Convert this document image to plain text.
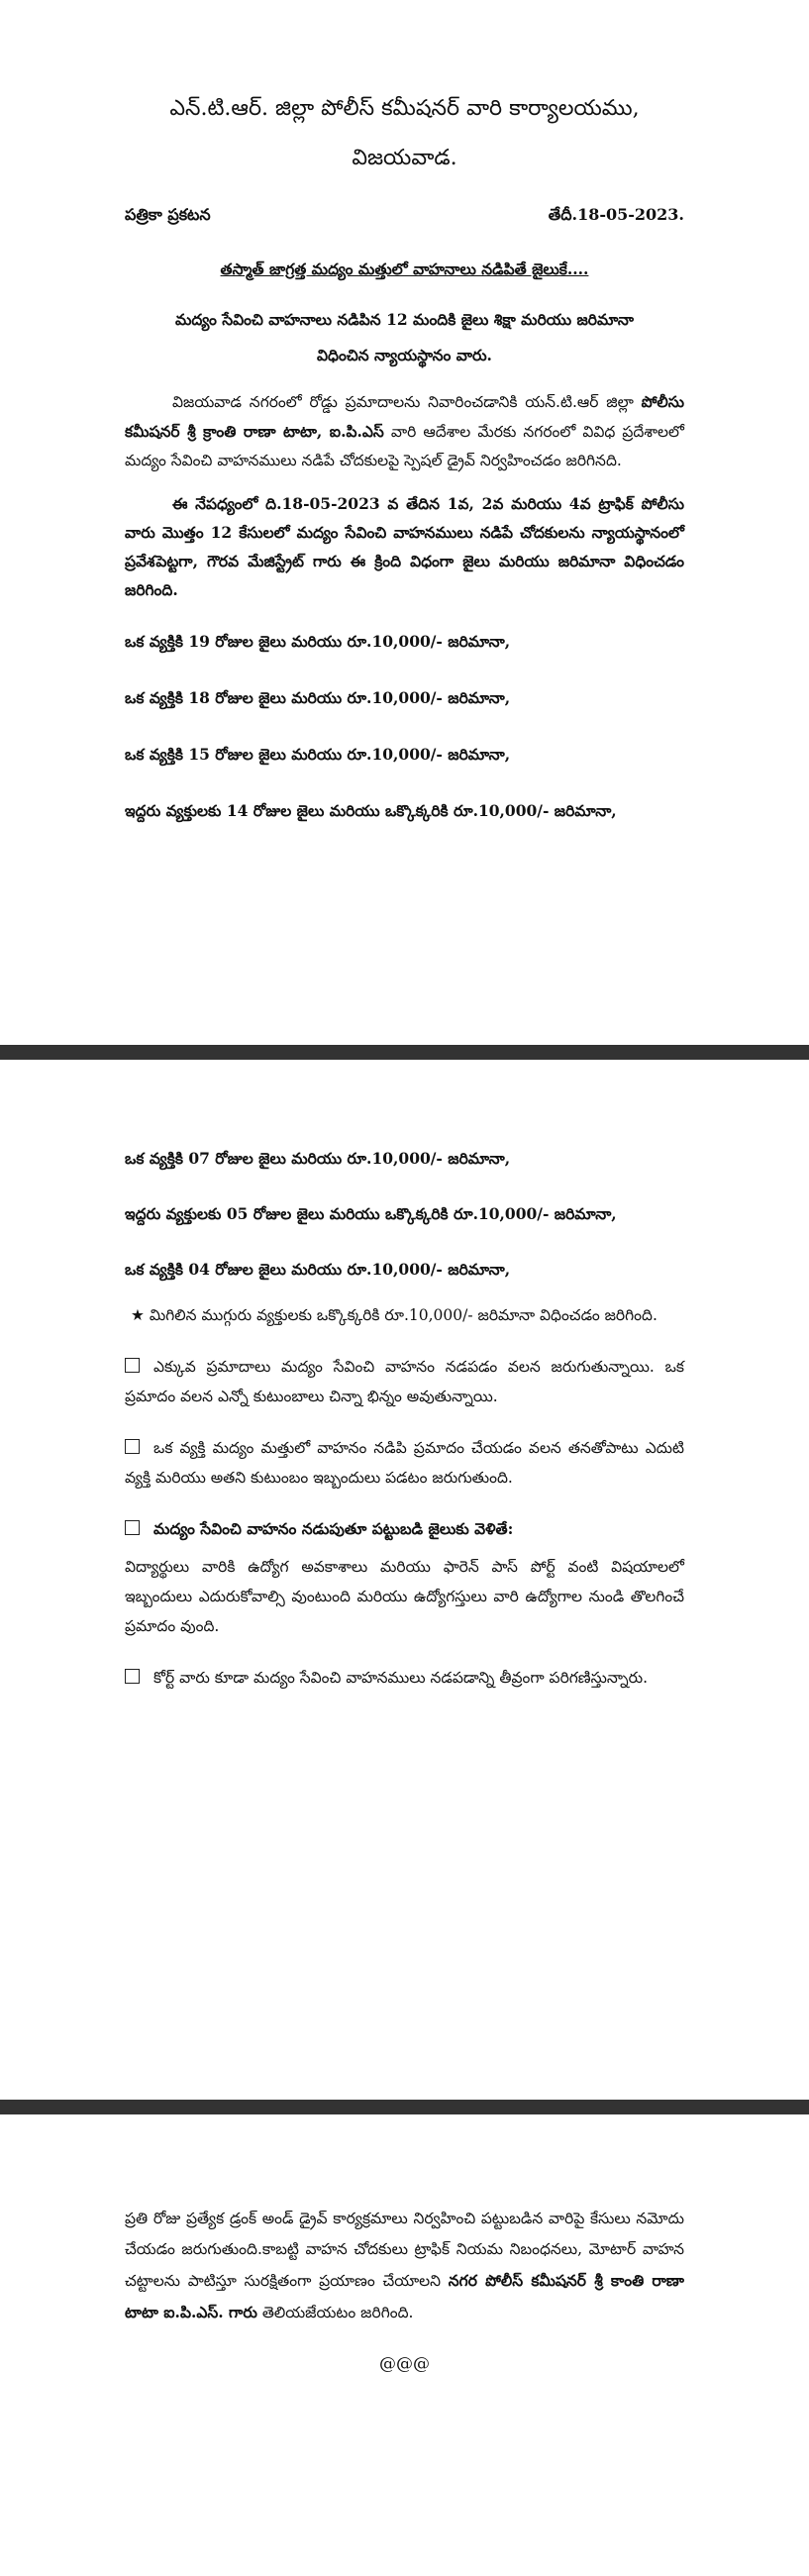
ఎన్.టి.ఆర్. జిల్లా పోలీస్ కమీషనర్ వారి కార్యాలయము,
విజయవాడ.
పత్రికా ప్రకటన	తేదీ.18-05-2023.
తస్మాత్ జాగ్రత్త మద్యం మత్తులో వాహనాలు నడిపితే జైలుకే....
మద్యం సేవించి వాహనాలు నడిపిన 12 మందికి జైలు శిక్షా మరియు జరిమానా
విధించిన న్యాయస్థానం వారు.
విజయవాడ నగరంలో రోడ్డు ప్రమాదాలను నివారించడానికి యన్.టి.ఆర్ జిల్లా పోలీసు కమీషనర్ శ్రీ క్రాంతి రాణా టాటా, ఐ.పి.ఎస్ వారి ఆదేశాల మేరకు నగరంలో వివిధ ప్రదేశాలలో మద్యం సేవించి వాహనములు నడిపే చోదకులపై స్పెషల్ డ్రైవ్ నిర్వహించడం జరిగినది.
ఈ నేపధ్యంలో ది.18-05-2023 వ తేదిన 1వ, 2వ మరియు 4వ ట్రాఫిక్ పోలీసు వారు మొత్తం 12 కేసులలో మద్యం సేవించి వాహనములు నడిపే చోదకులను న్యాయస్థానంలో ప్రవేశపెట్టగా, గౌరవ మేజిస్ట్రేట్ గారు ఈ క్రింది విధంగా జైలు మరియు జరిమానా విధించడం జరిగింది.
ఒక వ్యక్తికి 19 రోజుల జైలు మరియు రూ.10,000/- జరిమానా,
ఒక వ్యక్తికి 18 రోజుల జైలు మరియు రూ.10,000/- జరిమానా,
ఒక వ్యక్తికి 15 రోజుల జైలు మరియు రూ.10,000/- జరిమానా,
ఇద్దరు వ్యక్తులకు 14 రోజుల జైలు మరియు ఒక్కొక్కరికి రూ.10,000/- జరిమానా,
ఒక వ్యక్తికి 07 రోజుల జైలు మరియు రూ.10,000/- జరిమానా,
ఇద్దరు వ్యక్తులకు 05 రోజుల జైలు మరియు ఒక్కొక్కరికి రూ.10,000/- జరిమానా,
ఒక వ్యక్తికి 04 రోజుల జైలు మరియు రూ.10,000/- జరిమానా,
★ మిగిలిన ముగ్గురు వ్యక్తులకు ఒక్కొక్కరికి రూ.10,000/- జరిమానా విధించడం జరిగింది.
ఎక్కువ ప్రమాదాలు మద్యం సేవించి వాహనం నడపడం వలన జరుగుతున్నాయి. ఒక ప్రమాదం వలన ఎన్నో కుటుంబాలు చిన్నా భిన్నం అవుతున్నాయి.
ఒక వ్యక్తి మద్యం మత్తులో వాహనం నడిపి ప్రమాదం చేయడం వలన తనతోపాటు ఎదుటి వ్యక్తి మరియు అతని కుటుంబం ఇబ్బందులు పడటం జరుగుతుంది.
మద్యం సేవించి వాహనం నడుపుతూ పట్టుబడి జైలుకు వెళితే:
విద్యార్థులు వారికి ఉద్యోగ అవకాశాలు మరియు ఫారెన్ పాస్ పోర్ట్ వంటి విషయాలలో ఇబ్బందులు ఎదురుకోవాల్సి వుంటుంది మరియు ఉద్యోగస్తులు వారి ఉద్యోగాల నుండి తొలగించే ప్రమాదం వుంది.
కోర్ట్ వారు కూడా మద్యం సేవించి వాహనములు నడపడాన్ని తీవ్రంగా పరిగణిస్తున్నారు.
ప్రతి రోజు ప్రత్యేక డ్రంక్ అండ్ డ్రైవ్ కార్యక్రమాలు నిర్వహించి పట్టుబడిన వారిపై కేసులు నమోదు చేయడం జరుగుతుంది.కాబట్టి వాహన చోదకులు ట్రాఫిక్ నియమ నిబంధనలు, మోటార్ వాహన చట్టాలను పాటిస్తూ సురక్షితంగా ప్రయాణం చేయాలని నగర పోలీస్ కమీషనర్ శ్రీ కాంతి రాణా టాటా ఐ.పి.ఎస్. గారు తెలియజేయటం జరిగింది.
@@@
